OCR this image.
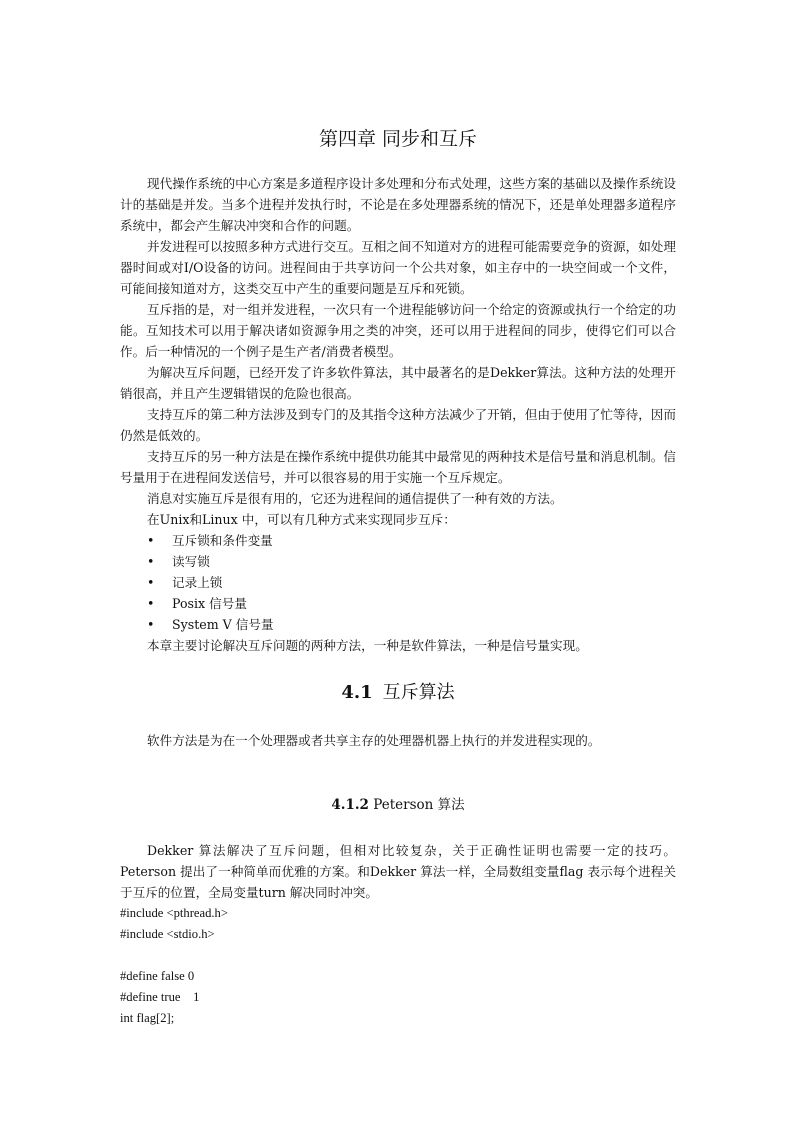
第四章 同步和互斥

现代操作系统的中心方案是多道程序设计多处理和分布式处理，这些方案的基础以及操作系统设计的基础是并发。当多个进程并发执行时，不论是在多处理器系统的情况下，还是单处理器多道程序系统中，都会产生解决冲突和合作的问题。

并发进程可以按照多种方式进行交互。互相之间不知道对方的进程可能需要竞争的资源，如处理器时间或对I/O设备的访问。进程间由于共享访问一个公共对象，如主存中的一块空间或一个文件，可能间接知道对方，这类交互中产生的重要问题是互斥和死锁。

互斥指的是，对一组并发进程，一次只有一个进程能够访问一个给定的资源或执行一个给定的功能。互知技术可以用于解决诸如资源争用之类的冲突，还可以用于进程间的同步，使得它们可以合作。后一种情况的一个例子是生产者/消费者模型。

为解决互斥问题，已经开发了许多软件算法，其中最著名的是Dekker算法。这种方法的处理开销很高，并且产生逻辑错误的危险也很高。

支持互斥的第二种方法涉及到专门的及其指令这种方法减少了开销，但由于使用了忙等待，因而仍然是低效的。

支持互斥的另一种方法是在操作系统中提供功能其中最常见的两种技术是信号量和消息机制。信号量用于在进程间发送信号，并可以很容易的用于实施一个互斥规定。

消息对实施互斥是很有用的，它还为进程间的通信提供了一种有效的方法。

在Unix和Linux 中，可以有几种方式来实现同步互斥：

• 互斥锁和条件变量
• 读写锁
• 记录上锁
• Posix 信号量
• System V 信号量

本章主要讨论解决互斥问题的两种方法，一种是软件算法，一种是信号量实现。

4.1 互斥算法

软件方法是为在一个处理器或者共享主存的处理器机器上执行的并发进程实现的。

4.1.2 Peterson 算法

Dekker 算法解决了互斥问题，但相对比较复杂，关于正确性证明也需要一定的技巧。Peterson 提出了一种简单而优雅的方案。和Dekker 算法一样，全局数组变量flag 表示每个进程关于互斥的位置，全局变量turn 解决同时冲突。

#include <pthread.h>
#include <stdio.h>

#define false 0
#define true    1
int flag[2];
